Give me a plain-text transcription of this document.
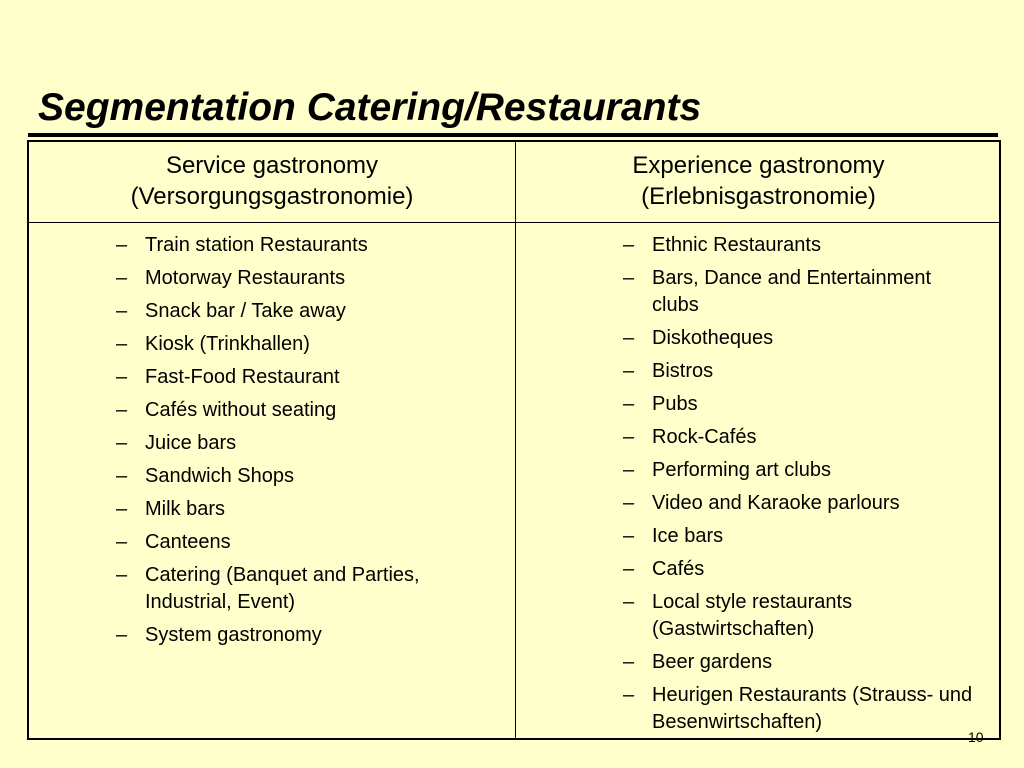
Segmentation Catering/Restaurants
Service gastronomy
(Versorgungsgastronomie)
Experience gastronomy
(Erlebnisgastronomie)
– Train station Restaurants
– Motorway Restaurants
– Snack bar / Take away
– Kiosk (Trinkhallen)
– Fast-Food Restaurant
– Cafés without seating
– Juice bars
– Sandwich Shops
– Milk bars
– Canteens
– Catering (Banquet and Parties, Industrial, Event)
– System gastronomy
– Ethnic Restaurants
– Bars, Dance and Entertainment clubs
– Diskotheques
– Bistros
– Pubs
– Rock-Cafés
– Performing art clubs
– Video and Karaoke parlours
– Ice bars
– Cafés
– Local style restaurants (Gastwirtschaften)
– Beer gardens
– Heurigen Restaurants (Strauss- und Besenwirtschaften)
10
